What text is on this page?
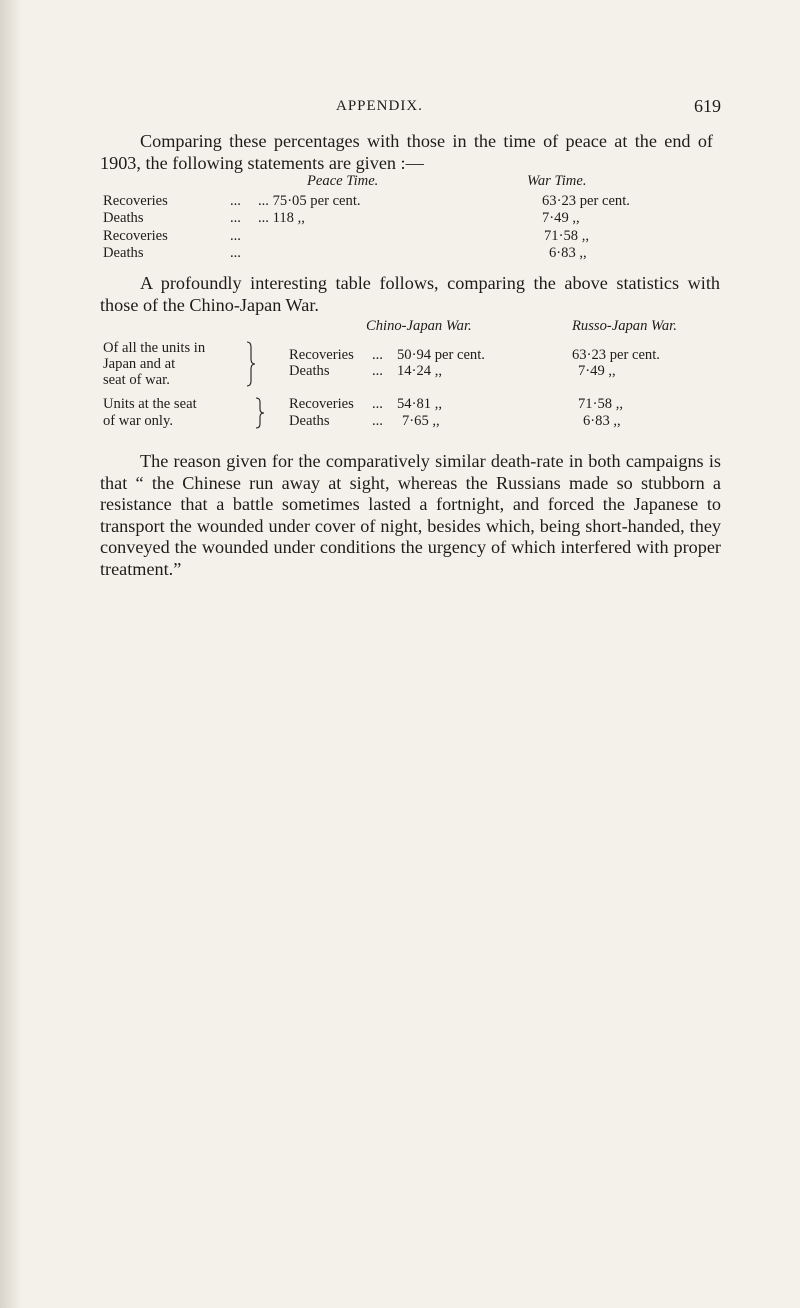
APPENDIX.	619

Comparing these percentages with those in the time of peace at the end of 1903, the following statements are given :—

Peace Time.	War Time.
Recoveries	... ... 75·05 per cent.	63·23 per cent.
Deaths	... ... 118 ,,	7·49 ,,
Recoveries	...	71·58 ,,
Deaths	...	6·83 ,,

A profoundly interesting table follows, comparing the above statistics with those of the Chino-Japan War.

Chino-Japan War.	Russo-Japan War.
Of all the units in
Japan and at
seat of war.
Recoveries ... 50·94 per cent.	63·23 per cent.
Deaths	... 14·24 ,,	7·49 ,,
Units at the seat
of war only.
Recoveries ... 54·81 ,,	71·58 ,,
Deaths	... 7·65 ,,	6·83 ,,

The reason given for the comparatively similar death-rate in both campaigns is that “ the Chinese run away at sight, whereas the Russians made so stubborn a resistance that a battle sometimes lasted a fortnight, and forced the Japanese to transport the wounded under cover of night, besides which, being short-handed, they conveyed the wounded under conditions the urgency of which interfered with proper treatment.”
